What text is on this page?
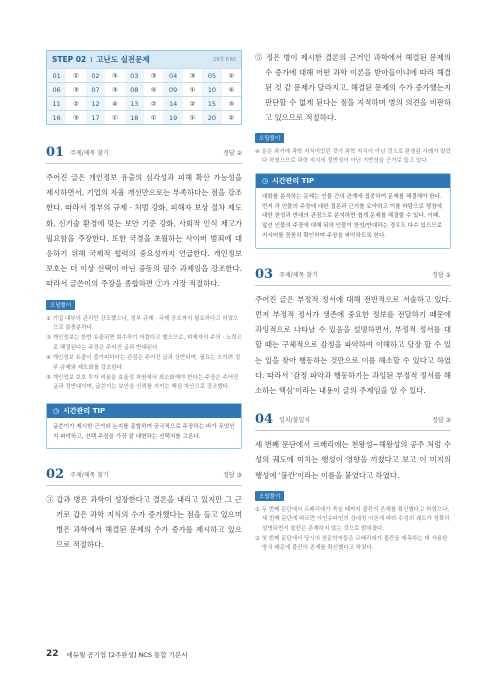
STEP 02 I 고난도 실전문제	29쪽 P.60
01	②	02	③	03	③	04	③	05	②
06	③	07	③	08	⑤	09	①	10	⑤
11	②	12	④	13	②	14	②	15	③
16	③	17	①	18	①	19	①	20	②
01 주제/제목 찾기	정답 ②

주어진 글은 개인정보 유출의 심각성과 피해 확산 가능성을 제시하면서, 기업의 자율 개선만으로는 부족하다는 점을 강조한다. 따라서 정부의 규제 · 처벌 강화, 피해자 보상 절차 제도화, 신기술 환경에 맞는 보안 기준 강화, 사회적 인식 제고가 필요함을 주장한다. 또한 국경을 초월하는 사이버 범죄에 대응하기 위해 국제적 협력의 중요성까지 언급한다. 개인정보 보호는 더 이상 선택이 아닌 공동의 필수 과제임을 강조한다. 따라서 글쓴이의 주장을 종합하면 ②가 가장 적절하다.

오답풀이

① 기업 내부의 관리만 강조했으나, 정부 규제 · 국제 공조까지 필요하다고 하였으므로 불충분하다.

③ 개인정보는 한번 유출되면 회수하기 어렵다고 했으므로, 피해자의 주의 · 노력으로 해결된다는 주장은 주어진 글과 반대된다.

④ 개인정보 유출이 불가피하다는 관점은 주어진 글과 상반되며, 필요는 오히려 정부 규제와 제도화를 강조한다.

⑤ 개인정보 보호 투자 비용을 효율성 차원에서 최소화해야 한다는 주장은 주어진 글과 정반대이며, 글쓴이는 보안을 신뢰를 지키는 핵심 자산으로 강조했다.

◷ 시간관리 TIP
글쓴이가 제시한 근거와 논지를 종합하여 궁극적으로 주장하는 바가 무엇인지 파악하고, 선택 주장을 가장 잘 대변하는 선택지를 고른다.
02 주제/제목 찾기	정답 ③

③ 갑과 병은 과학이 성장한다고 결론을 내리고 있지만 그 근거로 갑은 과학 지식의 수가 증가했다는 점을 들고 있으며 병은 과학에서 해결된 문제의 수가 증가를 제시하고 있으므로 적절하다.

⑤ 정은 병이 제시한 결론의 근거인 과학에서 해결된 문제의 수 증가에 대해 어떤 과학 이론을 받아들이냐에 따라 해결된 것 같 문제가 달라지고, 해결된 문제의 수가 증가했는지 판단할 수 없게 된다는 점을 지적하며 병의 의견을 비판하고 있으므로 적절하다.

오답풀이

④ 을은 과거에 과학 지식이었던 것이 과학 지식이 아닌 것으로 판정된 사례가 많았다 하였으므로 과학 지식의 절반성이 아닌 기반성을 근거로 들고 있다.

◷ 시간관리 TIP
대화를 분석하는 문제는 인물 간의 관계에 집중하여 문제를 해결해야 한다. 먼저 각 인물의 주장에 대한 결론과 근거를 요약하고 이를 바탕으로 쟁점에 대한 찬성과 반대의 관점으로 분석하면 쉽게 문제를 해결할 수 있다. 이때, 앞선 인물의 주장에 대해 뒤의 인물이 찬성/반대하는 경우도 다수 있으므로 지시어를 꼼꼼히 확인하며 주장을 파악하도록 한다.
03 주제/제목 찾기	정답 ①

주어진 글은 부정적 정서에 대해 전반적으로 서술하고 있다. 먼저 부정적 정서가 생존에 중요한 정보를 전달하기 때문에 과잉적으로 나타날 수 있음을 설명하면서, 부정적 정서를 대할 때는 구체적으로 감정을 파악하여 이해하고 당장 할 수 있는 일을 찾아 행동하는 것만으로 이를 해소할 수 있다고 하였다. 따라서 '감정 파악과 행동하기는 과잉된 부정적 정서를 해소하는 핵심'이라는 내용이 글의 주제임을 알 수 있다.

04 일치/불일치	정답 ③

세 번째 문단에서 르베리에는 천왕성~해왕성의 공주 처럼 수성의 궤도에 미치는 행성이 영향을 끼쳤다고 보고 이 미지의 행성에 '불칸'이라는 이름을 붙였다고 하였다.

오답풀이

① 두 번째 문단에서 르베리에가 죽을 때까지 불칸의 존재를 확신했다고 하였으나, 세 번째 문단에 따르면 아인슈타인의 상대성 이론에 따라 수성의 궤도가 정확히 설명되면서 불칸은 존재하지 않는 것으로 밝혀졌다.

② 첫 번째 문단에서 당시의 천문학자들은 르베리에가 불칸을 예측하는 데 사용한 방식 때문에 불칸의 존재를 확신했다고 하였다.

22 에듀윌 공기업 [2주완성] NCS 통합 기본서
